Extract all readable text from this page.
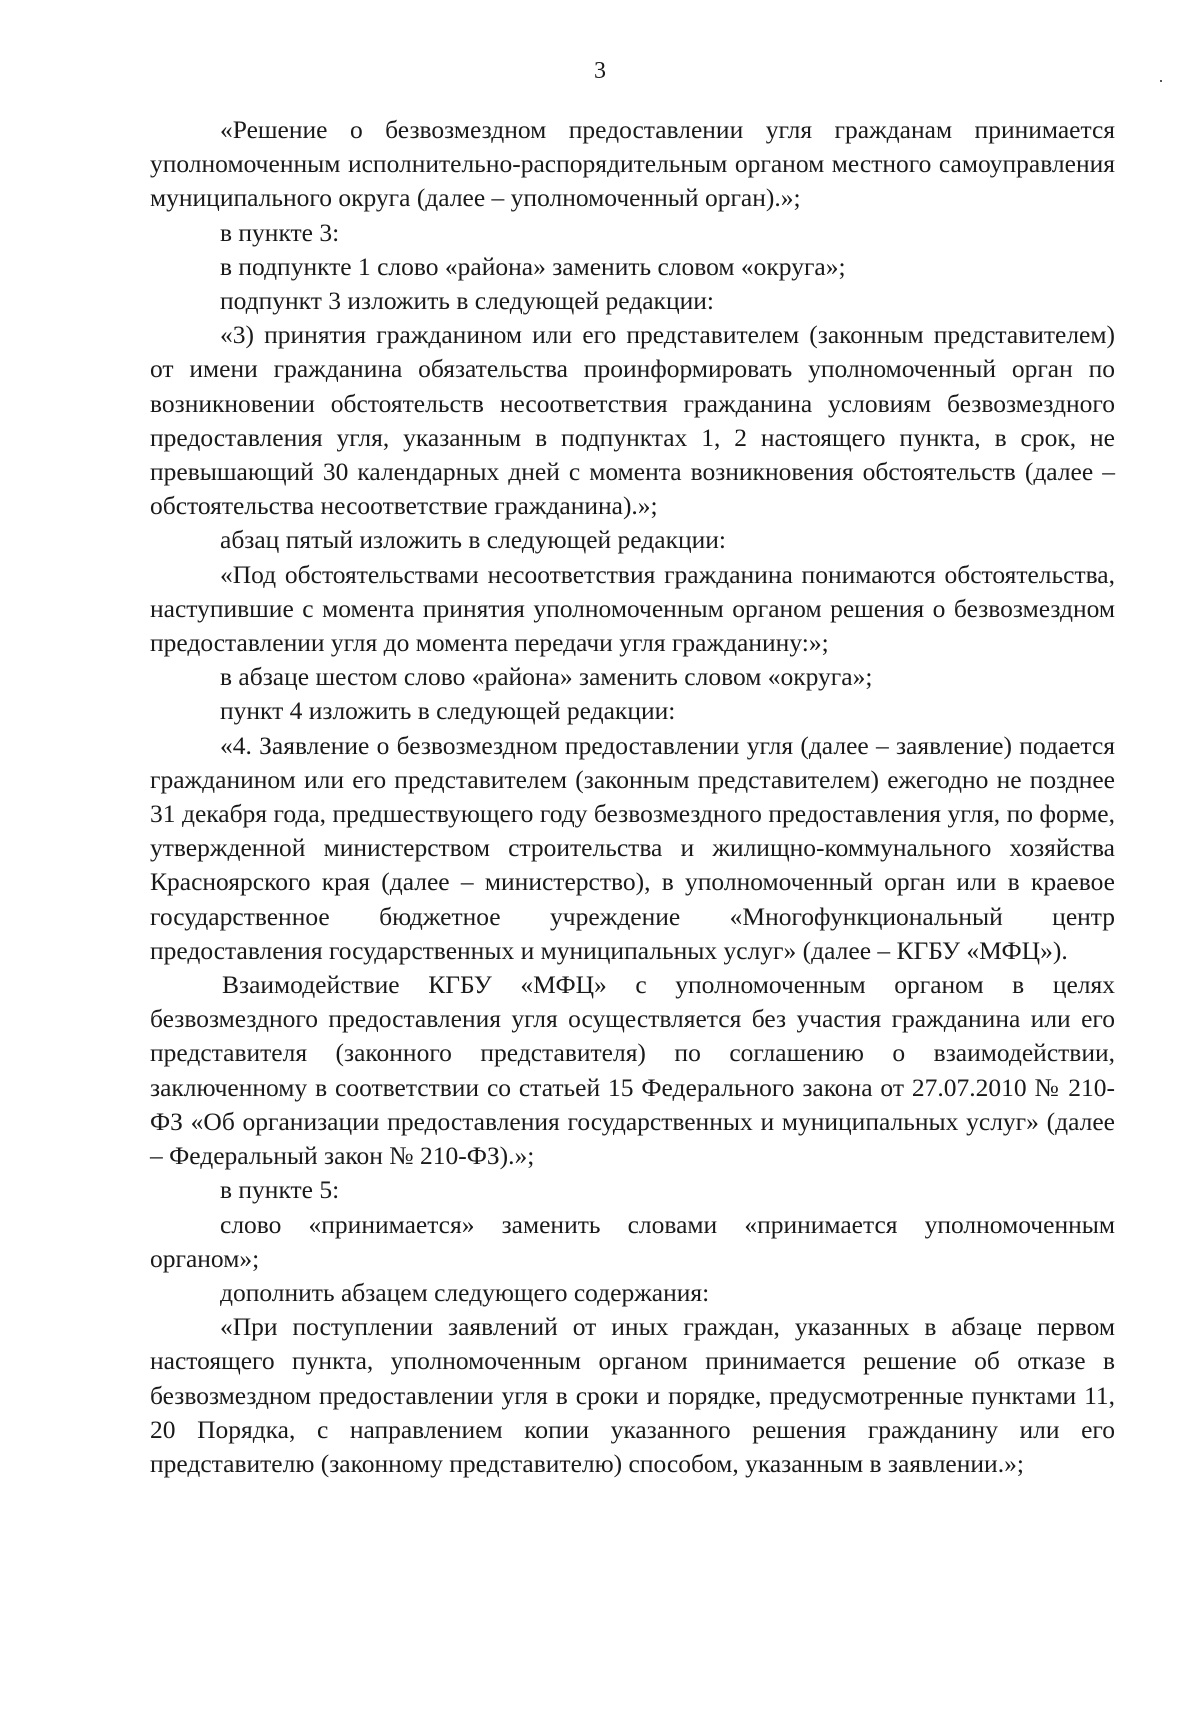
3

«Решение о безвозмездном предоставлении угля гражданам принимается уполномоченным исполнительно-распорядительным органом местного самоуправления муниципального округа (далее – уполномоченный орган).»;

в пункте 3:

в подпункте 1 слово «района» заменить словом «округа»;

подпункт 3 изложить в следующей редакции:

«3) принятия гражданином или его представителем (законным представителем) от имени гражданина обязательства проинформировать уполномоченный орган по возникновении обстоятельств несоответствия гражданина условиям безвозмездного предоставления угля, указанным в подпунктах 1, 2 настоящего пункта, в срок, не превышающий 30 календарных дней с момента возникновения обстоятельств (далее – обстоятельства несоответствие гражданина).»;

абзац пятый изложить в следующей редакции:

«Под обстоятельствами несоответствия гражданина понимаются обстоятельства, наступившие с момента принятия уполномоченным органом решения о безвозмездном предоставлении угля до момента передачи угля гражданину:»;

в абзаце шестом слово «района» заменить словом «округа»;

пункт 4 изложить в следующей редакции:

«4. Заявление о безвозмездном предоставлении угля (далее – заявление) подается гражданином или его представителем (законным представителем) ежегодно не позднее 31 декабря года, предшествующего году безвозмездного предоставления угля, по форме, утвержденной министерством строительства и жилищно-коммунального хозяйства Красноярского края (далее – министерство), в уполномоченный орган или в краевое государственное бюджетное учреждение «Многофункциональный центр предоставления государственных и муниципальных услуг» (далее – КГБУ «МФЦ»).

Взаимодействие КГБУ «МФЦ» с уполномоченным органом в целях безвозмездного предоставления угля осуществляется без участия гражданина или его представителя (законного представителя) по соглашению о взаимодействии, заключенному в соответствии со статьей 15 Федерального закона от 27.07.2010 № 210-ФЗ «Об организации предоставления государственных и муниципальных услуг» (далее – Федеральный закон № 210-ФЗ).»;

в пункте 5:

слово «принимается» заменить словами «принимается уполномоченным органом»;

дополнить абзацем следующего содержания:

«При поступлении заявлений от иных граждан, указанных в абзаце первом настоящего пункта, уполномоченным органом принимается решение об отказе в безвозмездном предоставлении угля в сроки и порядке, предусмотренные пунктами 11, 20 Порядка, с направлением копии указанного решения гражданину или его представителю (законному представителю) способом, указанным в заявлении.»;
